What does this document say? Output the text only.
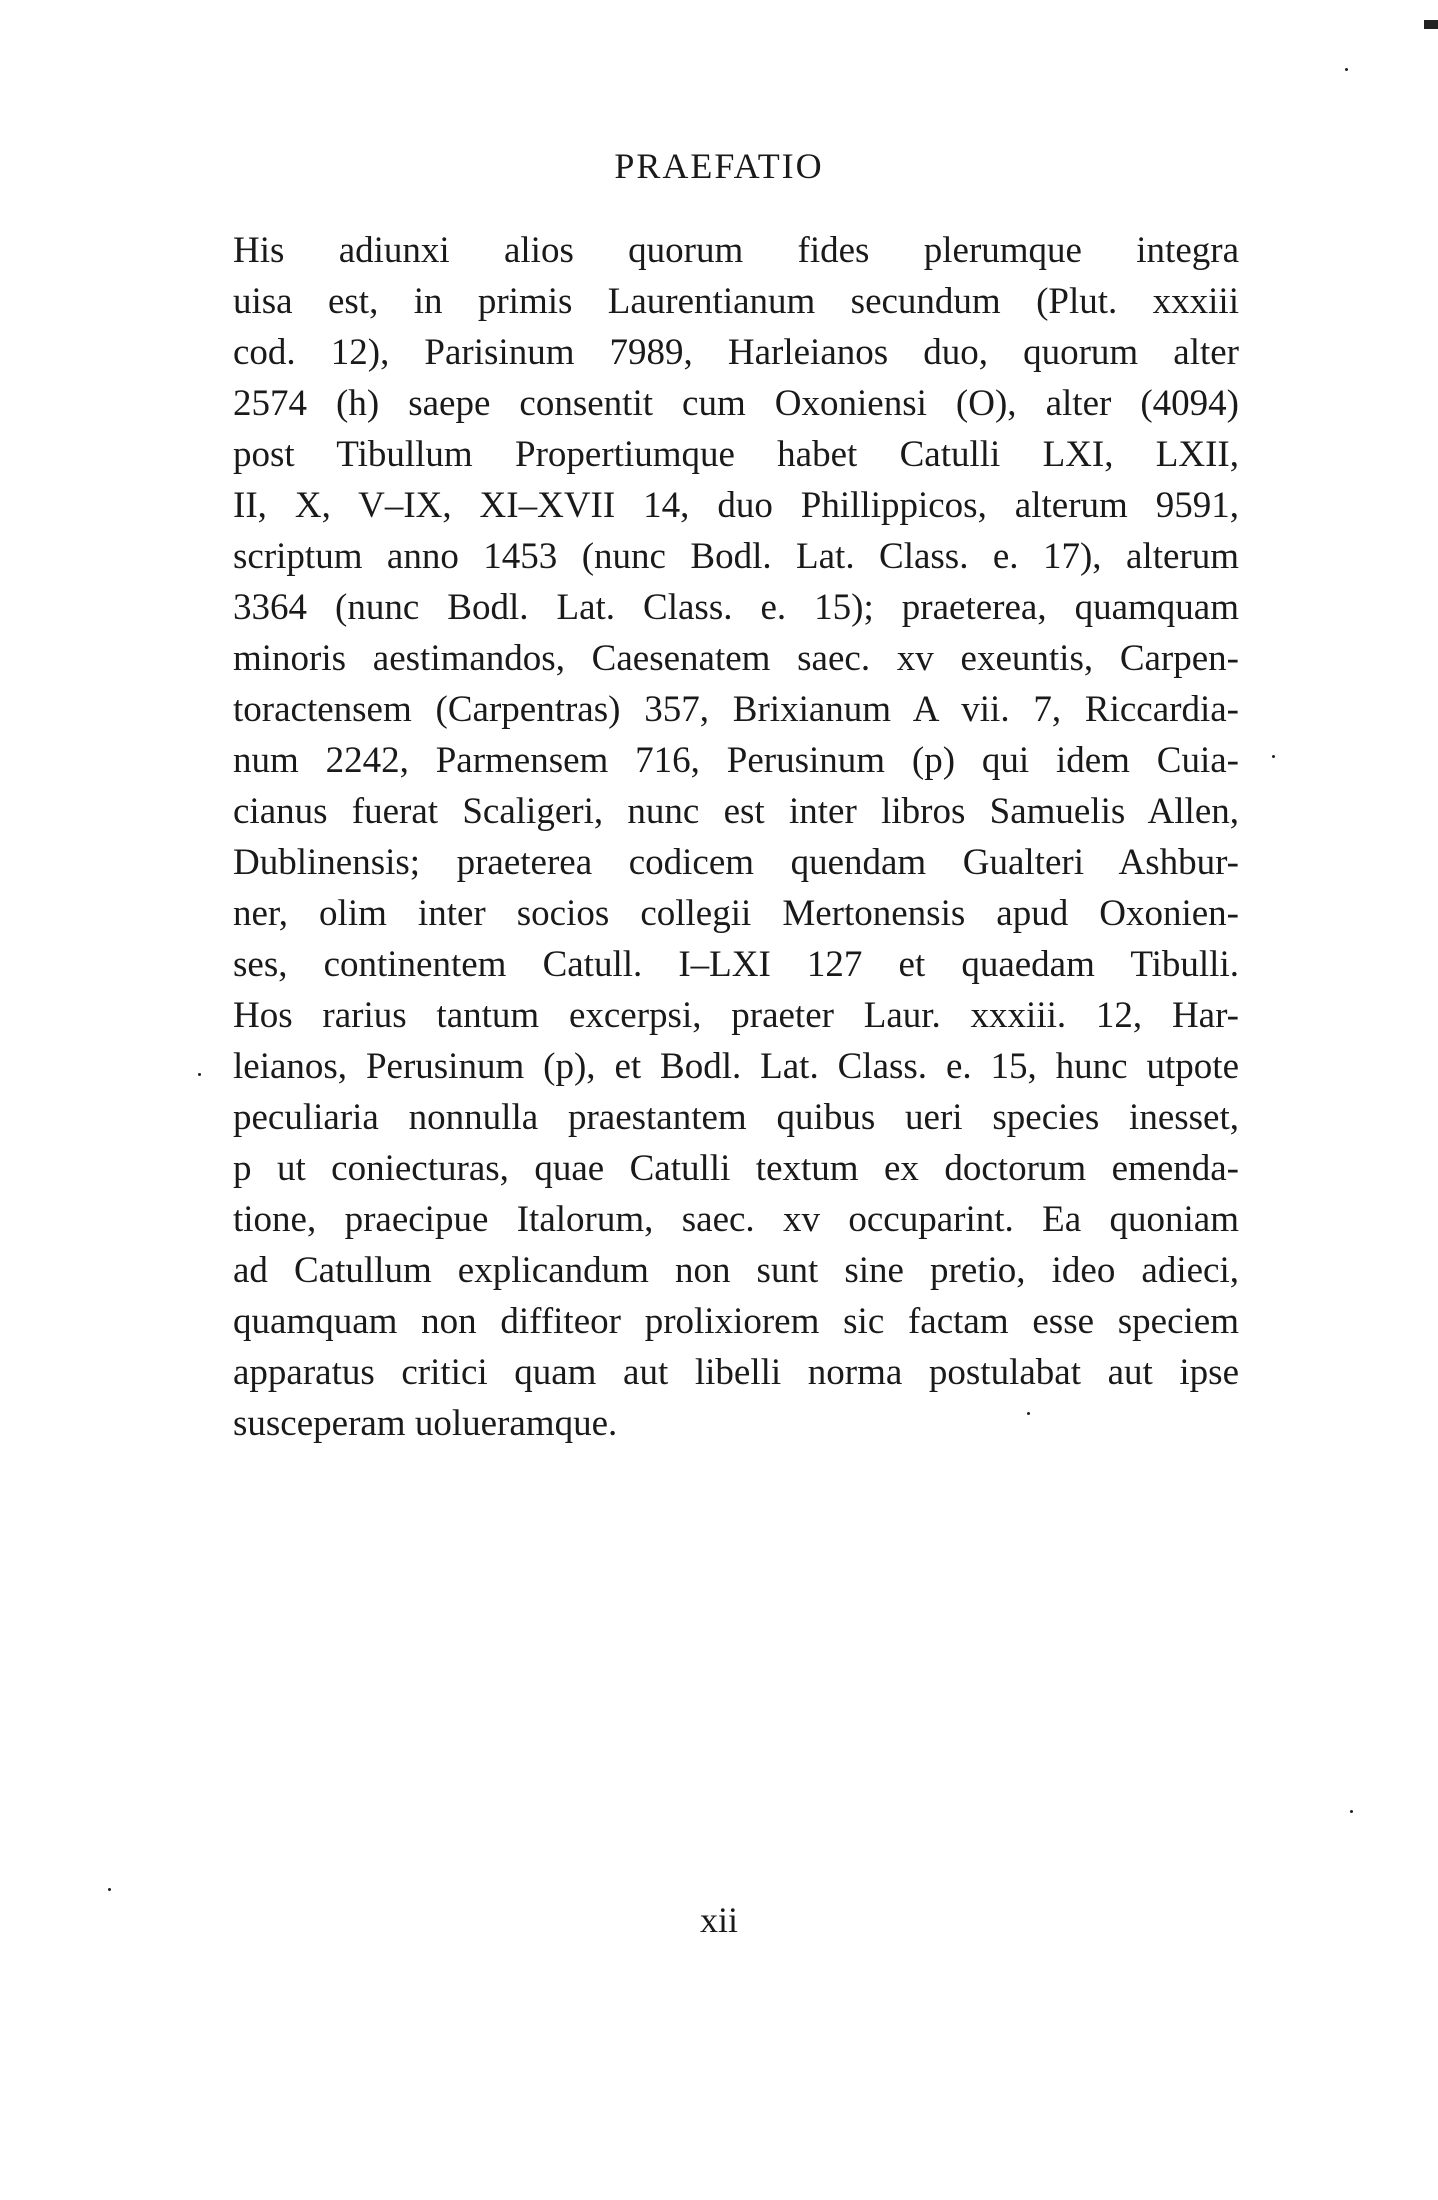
PRAEFATIO
His adiunxi alios quorum fides plerumque integra
uisa est, in primis Laurentianum secundum (Plut. xxxiii
cod. 12), Parisinum 7989, Harleianos duo, quorum alter
2574 (h) saepe consentit cum Oxoniensi (O), alter (4094)
post Tibullum Propertiumque habet Catulli LXI, LXII,
II, X, V–IX, XI–XVII 14, duo Phillippicos, alterum 9591,
scriptum anno 1453 (nunc Bodl. Lat. Class. e. 17), alterum
3364 (nunc Bodl. Lat. Class. e. 15); praeterea, quamquam
minoris aestimandos, Caesenatem saec. xv exeuntis, Carpen-
toractensem (Carpentras) 357, Brixianum A vii. 7, Riccardia-
num 2242, Parmensem 716, Perusinum (p) qui idem Cuia-
cianus fuerat Scaligeri, nunc est inter libros Samuelis Allen,
Dublinensis; praeterea codicem quendam Gualteri Ashbur-
ner, olim inter socios collegii Mertonensis apud Oxonien-
ses, continentem Catull. I–LXI 127 et quaedam Tibulli.
Hos rarius tantum excerpsi, praeter Laur. xxxiii. 12, Har-
leianos, Perusinum (p), et Bodl. Lat. Class. e. 15, hunc utpote
peculiaria nonnulla praestantem quibus ueri species inesset,
p ut coniecturas, quae Catulli textum ex doctorum emenda-
tione, praecipue Italorum, saec. xv occuparint. Ea quoniam
ad Catullum explicandum non sunt sine pretio, ideo adieci,
quamquam non diffiteor prolixiorem sic factam esse speciem
apparatus critici quam aut libelli norma postulabat aut ipse
susceperam uolueramque.
xii
